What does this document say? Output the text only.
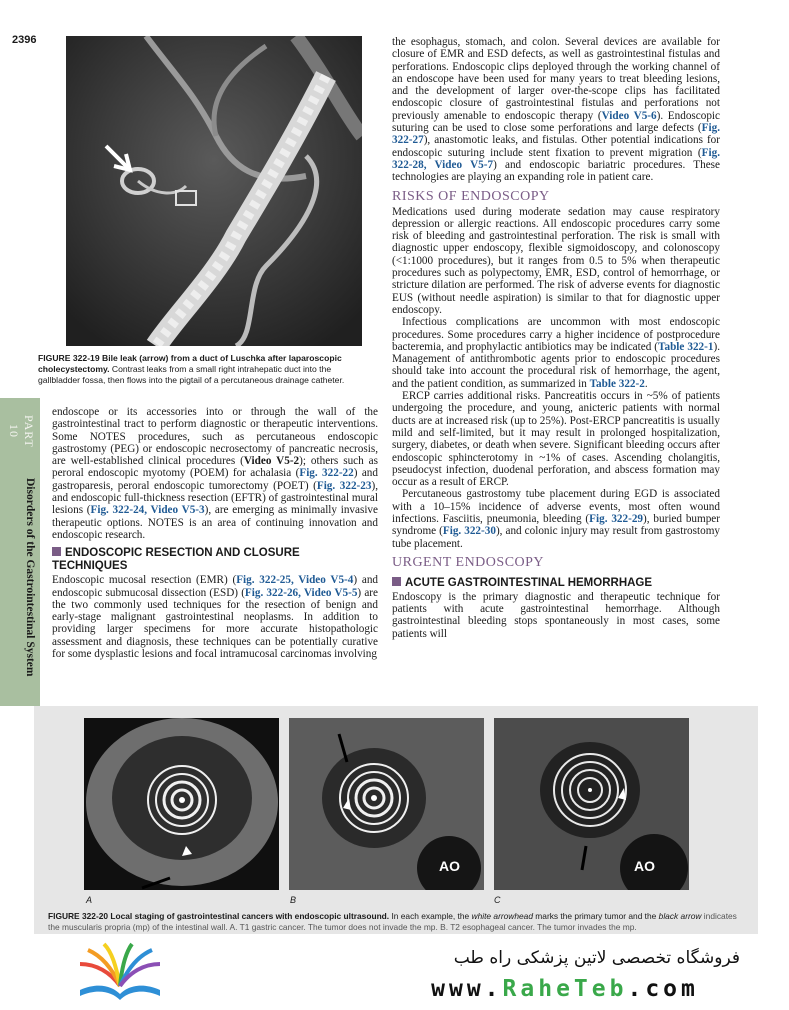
2396
FIGURE 322-19 Bile leak (arrow) from a duct of Luschka after laparoscopic cholecystectomy. Contrast leaks from a small right intrahepatic duct into the gallbladder fossa, then flows into the pigtail of a percutaneous drainage catheter.
PART 10
Disorders of the Gastrointestinal System

endoscope or its accessories into or through the wall of the gastrointestinal tract to perform diagnostic or therapeutic interventions. Some NOTES procedures, such as percutaneous endoscopic gastrostomy (PEG) or endoscopic necrosectomy of pancreatic necrosis, are well-established clinical procedures (Video V5-2); others such as peroral endoscopic myotomy (POEM) for achalasia (Fig. 322-22) and gastroparesis, peroral endoscopic tumorectomy (POET) (Fig. 322-23), and endoscopic full-thickness resection (EFTR) of gastrointestinal mural lesions (Fig. 322-24, Video V5-3), are emerging as minimally invasive therapeutic options. NOTES is an area of continuing innovation and endoscopic research.

ENDOSCOPIC RESECTION AND CLOSURE TECHNIQUES

Endoscopic mucosal resection (EMR) (Fig. 322-25, Video V5-4) and endoscopic submucosal dissection (ESD) (Fig. 322-26, Video V5-5) are the two commonly used techniques for the resection of benign and early-stage malignant gastrointestinal neoplasms. In addition to providing larger specimens for more accurate histopathologic assessment and diagnosis, these techniques can be potentially curative for some dysplastic lesions and focal intramucosal carcinomas involving

the esophagus, stomach, and colon. Several devices are available for closure of EMR and ESD defects, as well as gastrointestinal fistulas and perforations. Endoscopic clips deployed through the working channel of an endoscope have been used for many years to treat bleeding lesions, and the development of larger over-the-scope clips has facilitated endoscopic closure of gastrointestinal fistulas and perforations not previously amenable to endoscopic therapy (Video V5-6). Endoscopic suturing can be used to close some perforations and large defects (Fig. 322-27), anastomotic leaks, and fistulas. Other potential indications for endoscopic suturing include stent fixation to prevent migration (Fig. 322-28, Video V5-7) and endoscopic bariatric procedures. These technologies are playing an expanding role in patient care.

RISKS OF ENDOSCOPY

Medications used during moderate sedation may cause respiratory depression or allergic reactions. All endoscopic procedures carry some risk of bleeding and gastrointestinal perforation. The risk is small with diagnostic upper endoscopy, flexible sigmoidoscopy, and colonoscopy (<1:1000 procedures), but it ranges from 0.5 to 5% when therapeutic procedures such as polypectomy, EMR, ESD, control of hemorrhage, or stricture dilation are performed. The risk of adverse events for diagnostic EUS (without needle aspiration) is similar to that for diagnostic upper endoscopy.

Infectious complications are uncommon with most endoscopic procedures. Some procedures carry a higher incidence of postprocedure bacteremia, and prophylactic antibiotics may be indicated (Table 322-1). Management of antithrombotic agents prior to endoscopic procedures should take into account the procedural risk of hemorrhage, the agent, and the patient condition, as summarized in Table 322-2.

ERCP carries additional risks. Pancreatitis occurs in ~5% of patients undergoing the procedure, and young, anicteric patients with normal ducts are at increased risk (up to 25%). Post-ERCP pancreatitis is usually mild and self-limited, but it may result in prolonged hospitalization, surgery, diabetes, or death when severe. Significant bleeding occurs after endoscopic sphincterotomy in ~1% of cases. Ascending cholangitis, pseudocyst infection, duodenal perforation, and abscess formation may occur as a result of ERCP.

Percutaneous gastrostomy tube placement during EGD is associated with a 10–15% incidence of adverse events, most often wound infections. Fasciitis, pneumonia, bleeding (Fig. 322-29), buried bumper syndrome (Fig. 322-30), and colonic injury may result from gastrostomy tube placement.

URGENT ENDOSCOPY
ACUTE GASTROINTESTINAL HEMORRHAGE

Endoscopy is the primary diagnostic and therapeutic technique for patients with acute gastrointestinal hemorrhage. Although gastrointestinal bleeding stops spontaneously in most cases, some patients will

AO	AO
A	B	C
FIGURE 322-20 Local staging of gastrointestinal cancers with endoscopic ultrasound. In each example, the white arrowhead marks the primary tumor and the black arrow indicates the muscularis propria (mp) of the intestinal wall. A. T1 gastric cancer. The tumor does not invade the mp. B. T2 esophageal cancer. The tumor invades the mp.
فروشگاه تخصصی لاتین پزشکی راه طب
www.RaheTeb.com
